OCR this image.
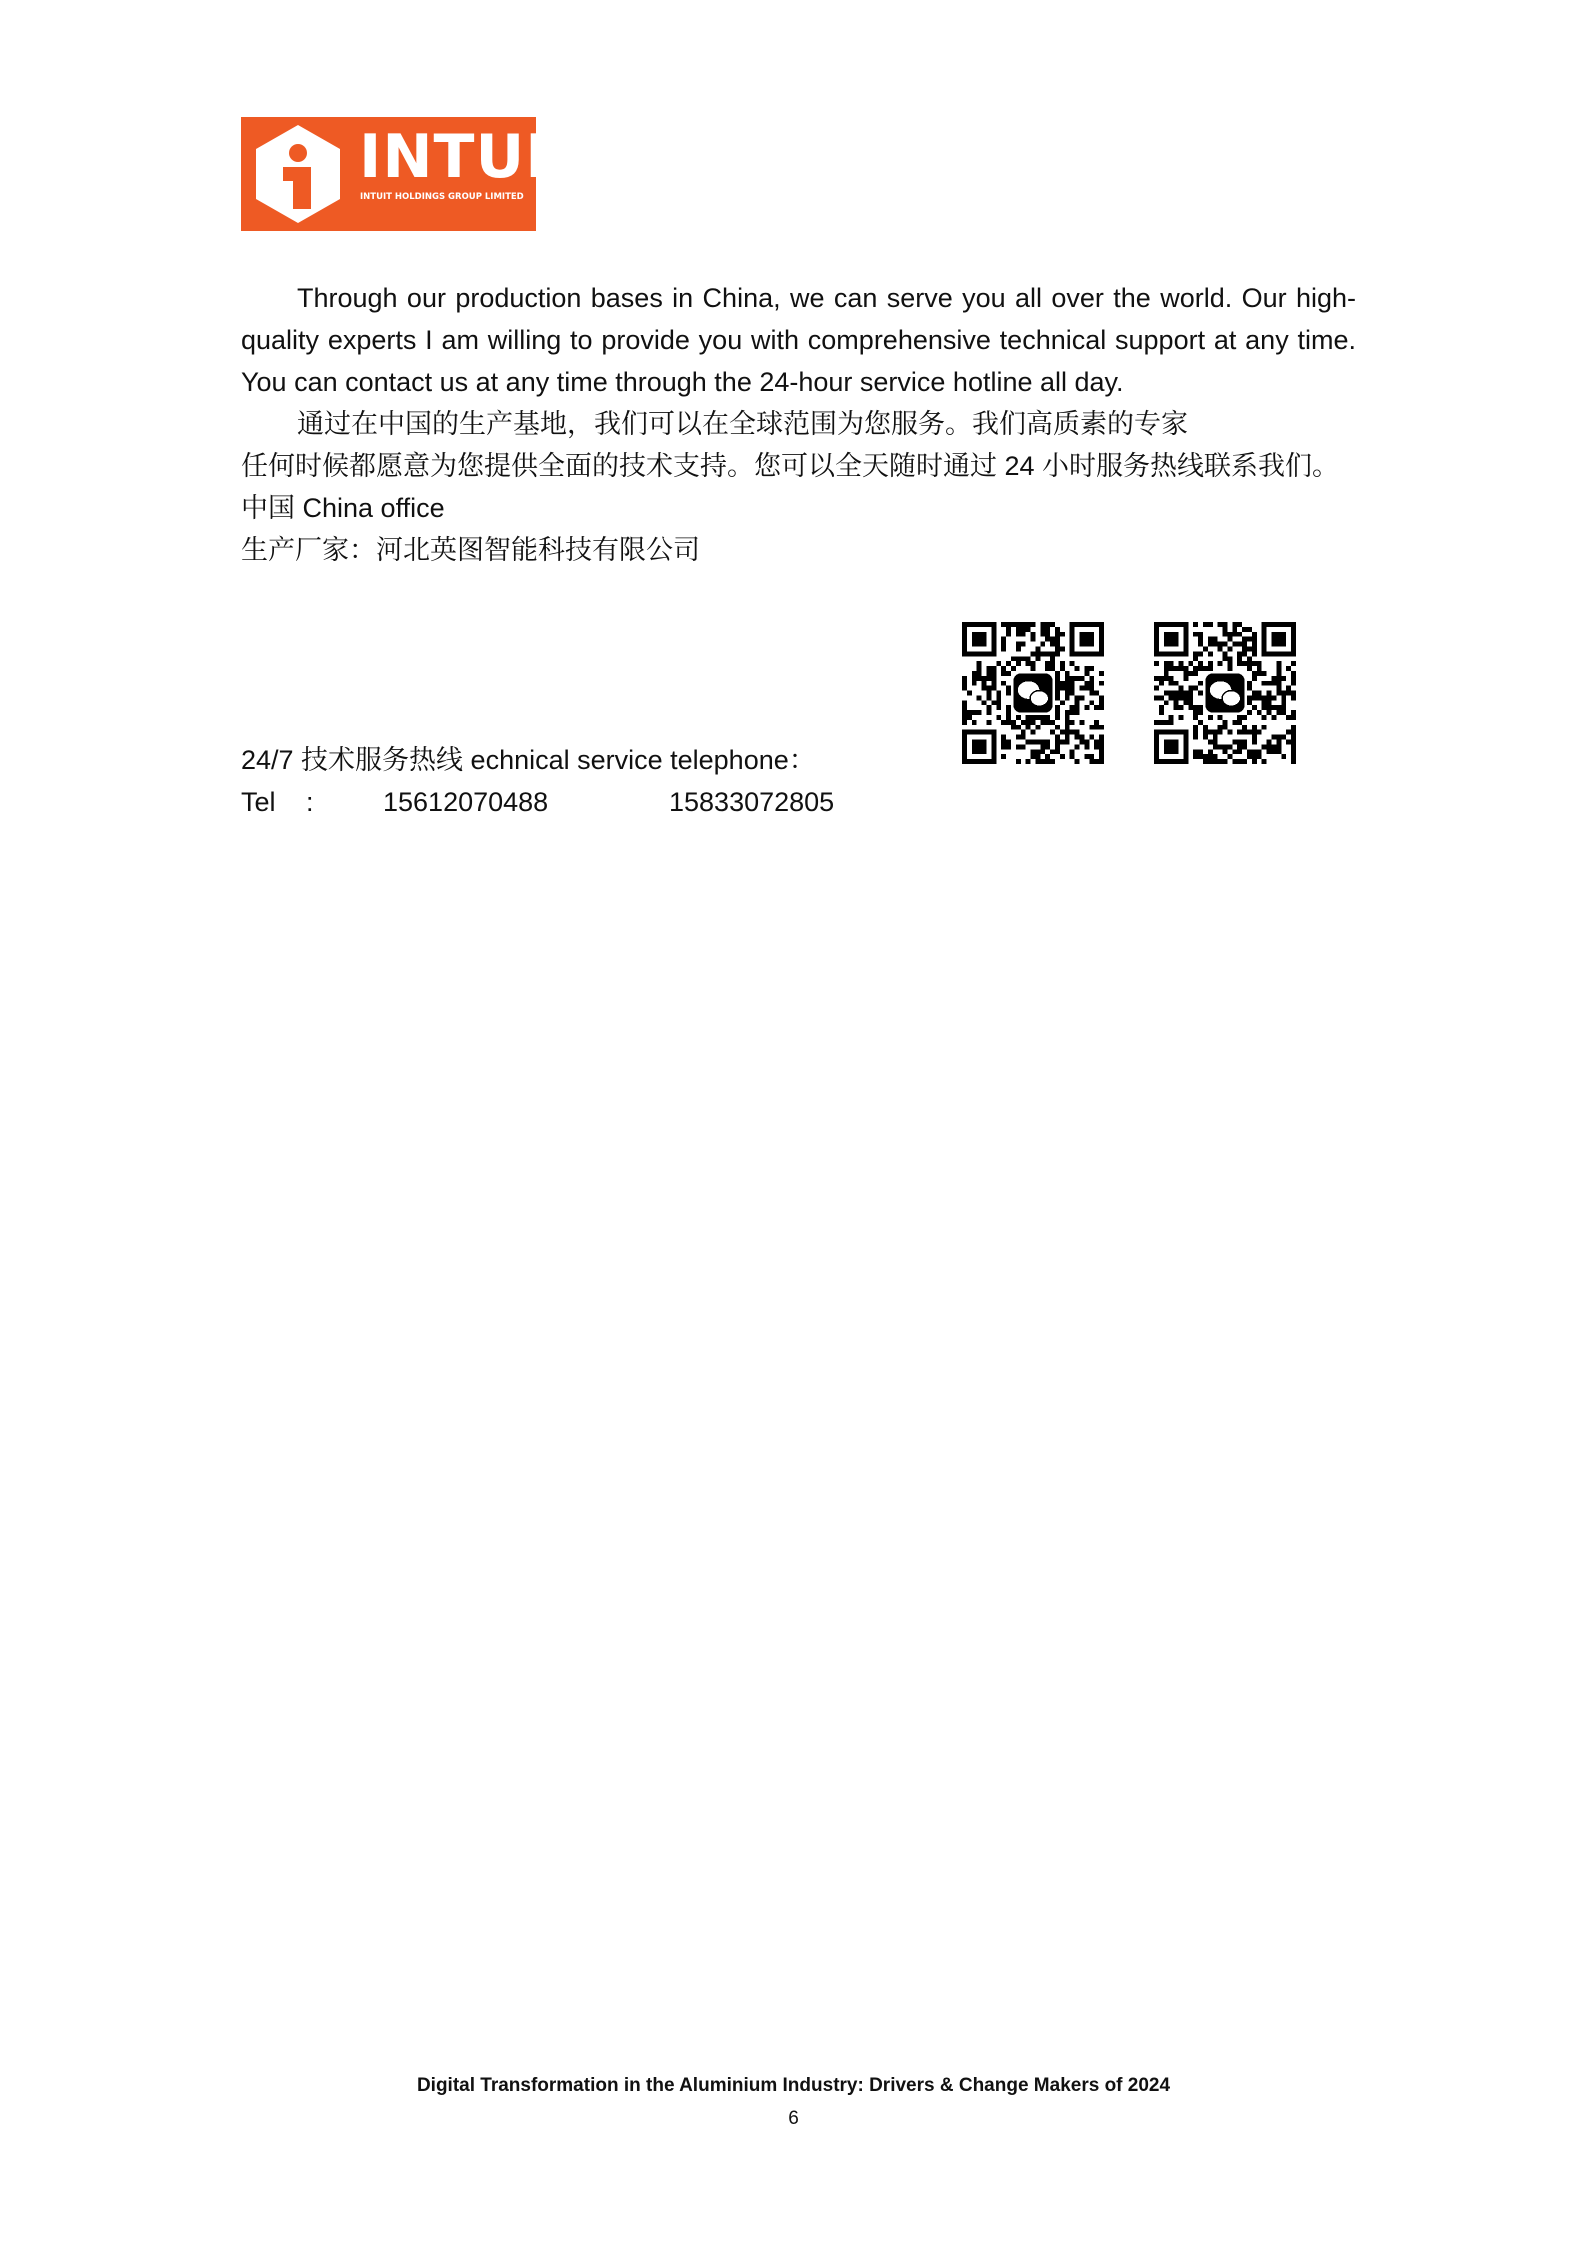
INTUIT
INTUIT HOLDINGS GROUP LIMITED

Through our production bases in China, we can serve you all over the world. Our high-quality experts I am willing to provide you with comprehensive technical support at any time. You can contact us at any time through the 24-hour service hotline all day.

通过在中国的生产基地，我们可以在全球范围为您服务。我们高质素的专家
任何时候都愿意为您提供全面的技术支持。您可以全天随时通过 24 小时服务热线联系我们。
中国 China office
生产厂家：河北英图智能科技有限公司
24/7 技术服务热线 echnical service telephone：
Tel :	15612070488	15833072805
Digital Transformation in the Aluminium Industry: Drivers & Change Makers of 2024
6
